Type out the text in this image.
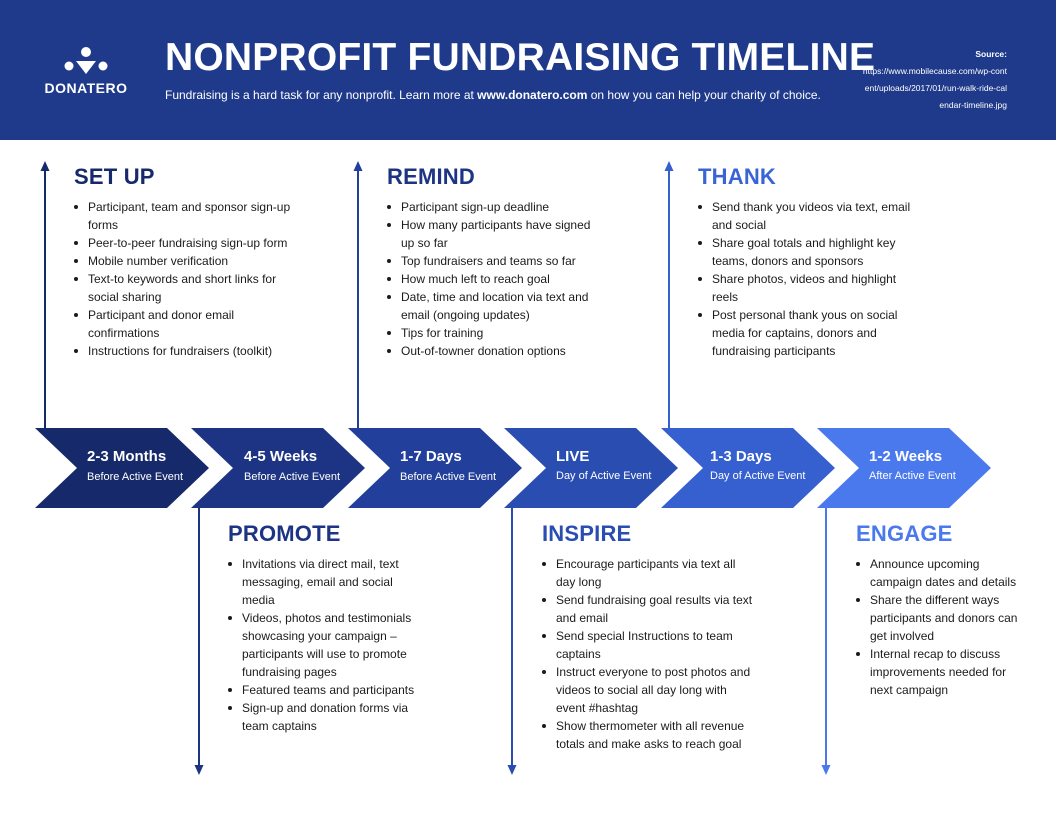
DONATERO
NONPROFIT FUNDRAISING TIMELINE
Fundraising is a hard task for any nonprofit. Learn more at www.donatero.com on how you can help your charity of choice.
Source:
https://www.mobilecause.com/wp-content/uploads/2017/01/run-walk-ride-calendar-timeline.jpg
2-3 Months
Before Active Event
4-5 Weeks
Before Active Event
1-7 Days
Before Active Event
LIVE
Day of Active Event
1-3 Days
Day of Active Event
1-2 Weeks
After Active Event
SET UP
Participant, team and sponsor sign-up forms
Peer-to-peer fundraising sign-up form
Mobile number verification
Text-to keywords and short links for social sharing
Participant and donor email confirmations
Instructions for fundraisers (toolkit)
REMIND
Participant sign-up deadline
How many participants have signed up so far
Top fundraisers and teams so far
How much left to reach goal
Date, time and location via text and email (ongoing updates)
Tips for training
Out-of-towner donation options
THANK
Send thank you videos via text, email and social
Share goal totals and highlight key teams, donors and sponsors
Share photos, videos and highlight reels
Post personal thank yous on social media for captains, donors and fundraising participants
PROMOTE
Invitations via direct mail, text messaging, email and social media
Videos, photos and testimonials showcasing your campaign – participants will use to promote fundraising pages
Featured teams and participants
Sign-up and donation forms via team captains
INSPIRE
Encourage participants via text all day long
Send fundraising goal results via text and email
Send special Instructions to team captains
Instruct everyone to post photos and videos to social all day long with event #hashtag
Show thermometer with all revenue totals and make asks to reach goal
ENGAGE
Announce upcoming campaign dates and details
Share the different ways participants and donors can get involved
Internal recap to discuss improvements needed for next campaign
